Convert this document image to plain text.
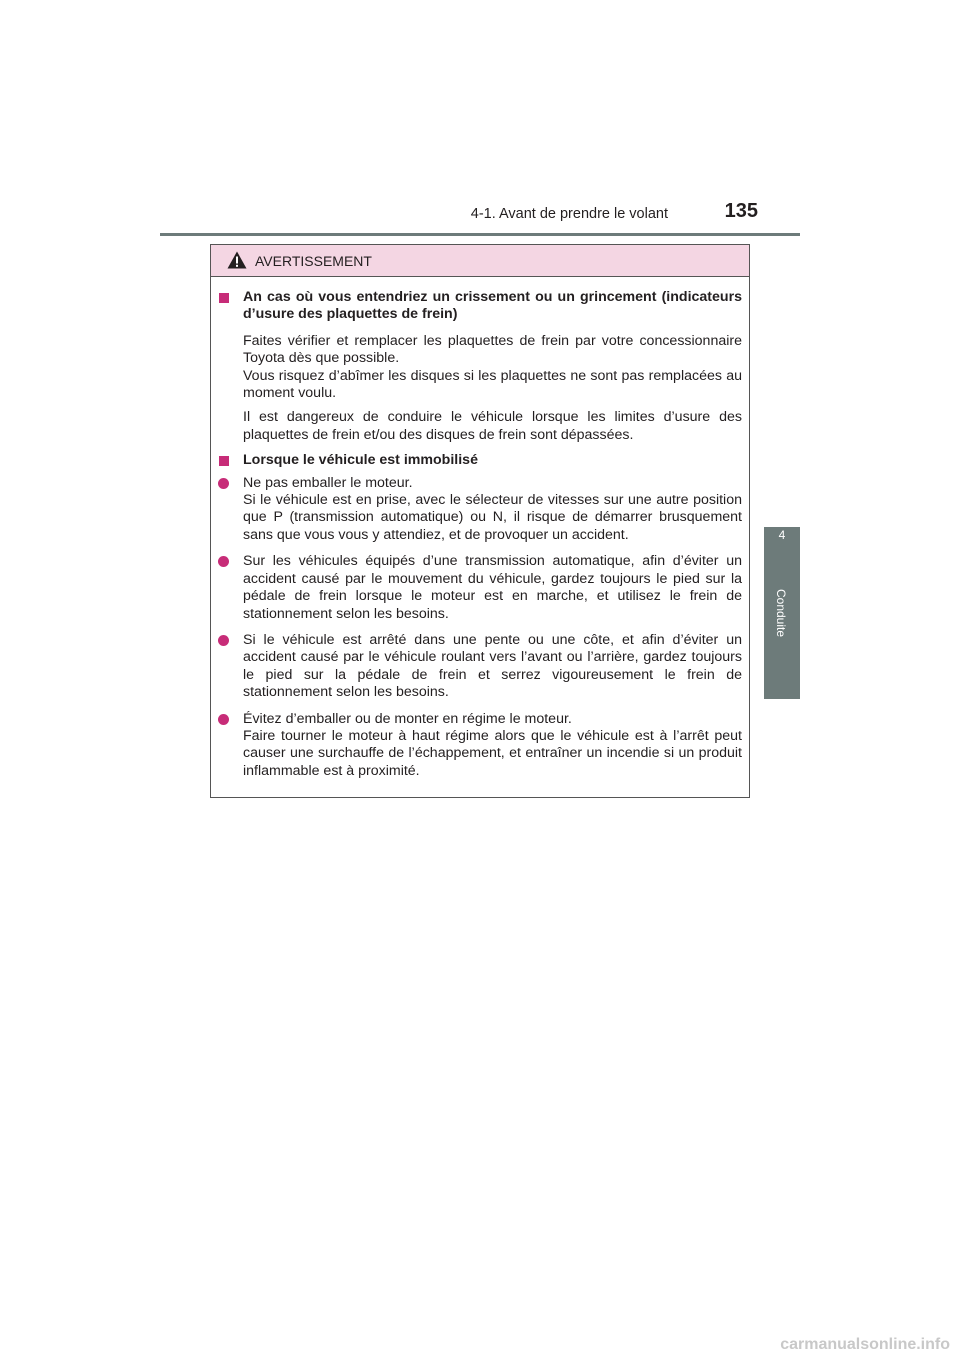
4-1. Avant de prendre le volant	135
4
Conduite
AVERTISSEMENT
An cas où vous entendriez un crissement ou un grincement (indicateurs d’usure des plaquettes de frein)
Faites vérifier et remplacer les plaquettes de frein par votre concessionnaire Toyota dès que possible.
Vous risquez d’abîmer les disques si les plaquettes ne sont pas remplacées au moment voulu.
Il est dangereux de conduire le véhicule lorsque les limites d’usure des plaquettes de frein et/ou des disques de frein sont dépassées.
Lorsque le véhicule est immobilisé
Ne pas emballer le moteur.
Si le véhicule est en prise, avec le sélecteur de vitesses sur une autre position que P (transmission automatique) ou N, il risque de démarrer brusquement sans que vous vous y attendiez, et de provoquer un accident.
Sur les véhicules équipés d’une transmission automatique, afin d’éviter un accident causé par le mouvement du véhicule, gardez toujours le pied sur la pédale de frein lorsque le moteur est en marche, et utilisez le frein de stationnement selon les besoins.
Si le véhicule est arrêté dans une pente ou une côte, et afin d’éviter un accident causé par le véhicule roulant vers l’avant ou l’arrière, gardez toujours le pied sur la pédale de frein et serrez vigoureusement le frein de stationnement selon les besoins.
Évitez d’emballer ou de monter en régime le moteur.
Faire tourner le moteur à haut régime alors que le véhicule est à l’arrêt peut causer une surchauffe de l’échappement, et entraîner un incendie si un produit inflammable est à proximité.
carmanualsonline.info
